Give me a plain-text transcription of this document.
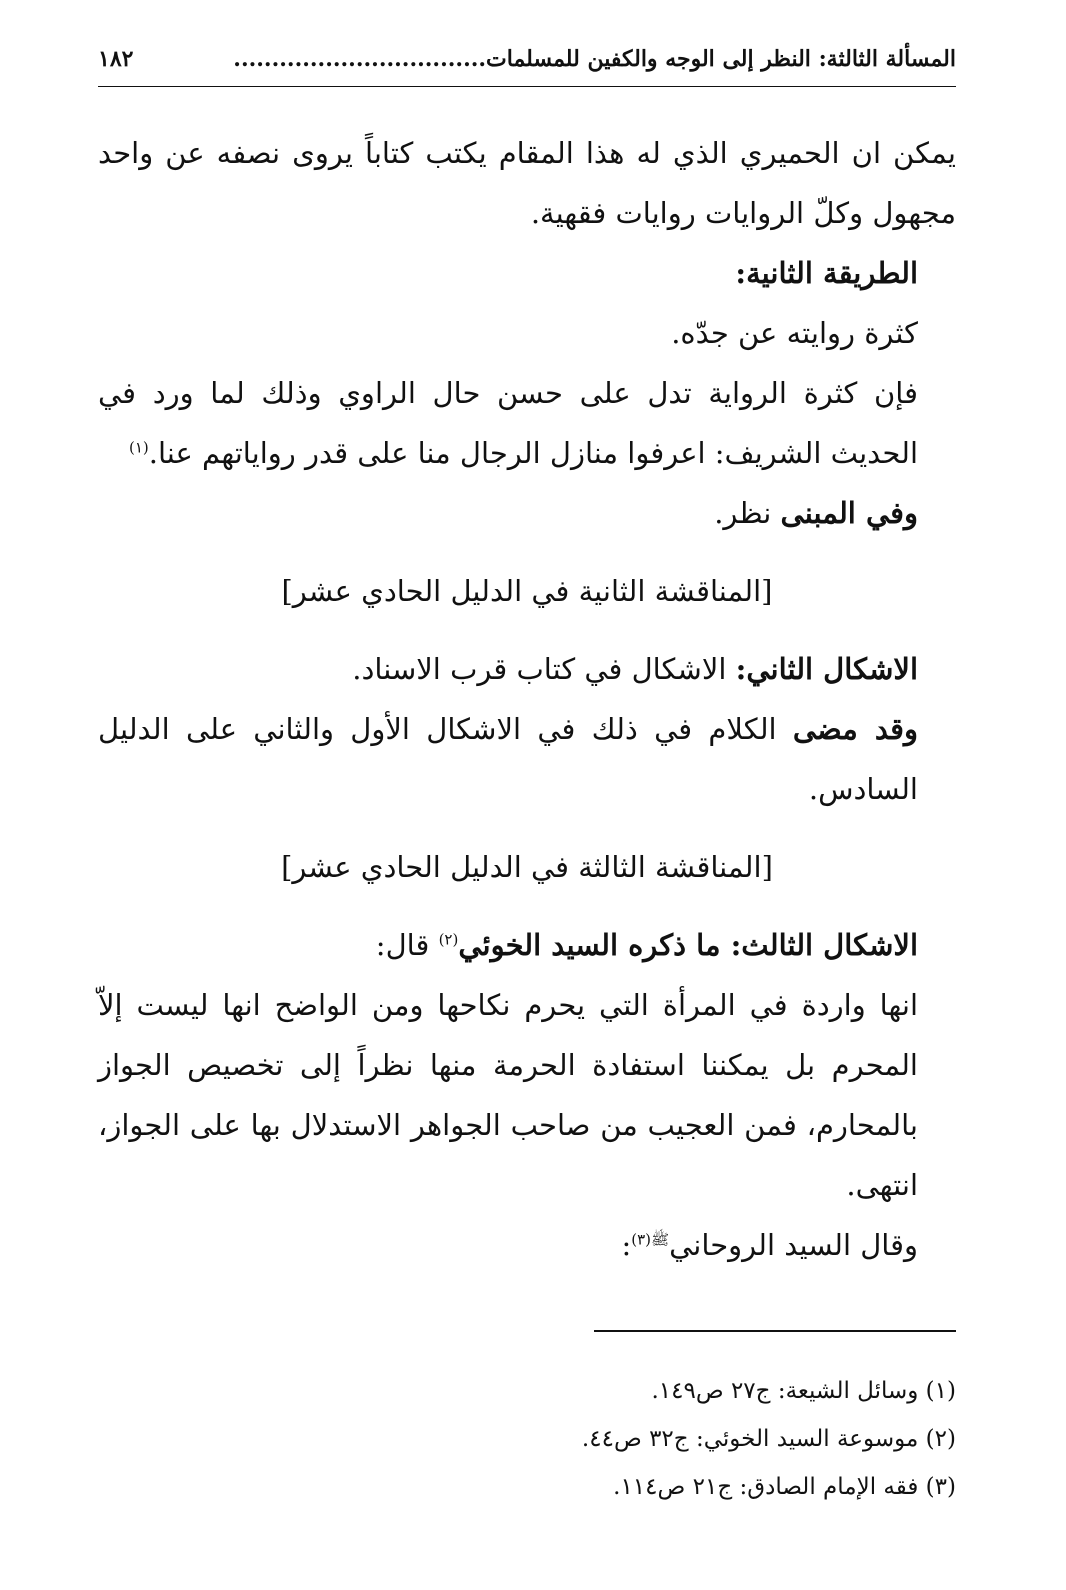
المسألة الثالثة: النظر إلى الوجه والكفين للمسلمات.................................
١٨٢

يمكن ان الحميري الذي له هذا المقام يكتب كتاباً يروى نصفه عن واحد مجهول وكلّ الروايات روايات فقهية.

الطريقة الثانية:

كثرة روايته عن جدّه.

فإن كثرة الرواية تدل على حسن حال الراوي وذلك لما ورد في الحديث الشريف: اعرفوا منازل الرجال منا على قدر رواياتهم عنا.$^{(١)}$

وفي المبنى نظر.

[المناقشة الثانية في الدليل الحادي عشر]

الاشكال الثاني: الاشكال في كتاب قرب الاسناد.

وقد مضى الكلام في ذلك في الاشكال الأول والثاني على الدليل السادس.

[المناقشة الثالثة في الدليل الحادي عشر]

الاشكال الثالث: ما ذكره السيد الخوئي$^{(٢)}$ قال:

انها واردة في المرأة التي يحرم نكاحها ومن الواضح انها ليست إلاّ المحرم بل يمكننا استفادة الحرمة منها نظراً إلى تخصيص الجواز بالمحارم، فمن العجيب من صاحب الجواهر الاستدلال بها على الجواز، انتهى.

وقال السيد الروحاني$^{ﷺ(٣)}$:

(١) وسائل الشيعة: ج٢٧ ص١٤٩.

(٢) موسوعة السيد الخوئي: ج٣٢ ص٤٤.

(٣) فقه الإمام الصادق: ج٢١ ص١١٤.
